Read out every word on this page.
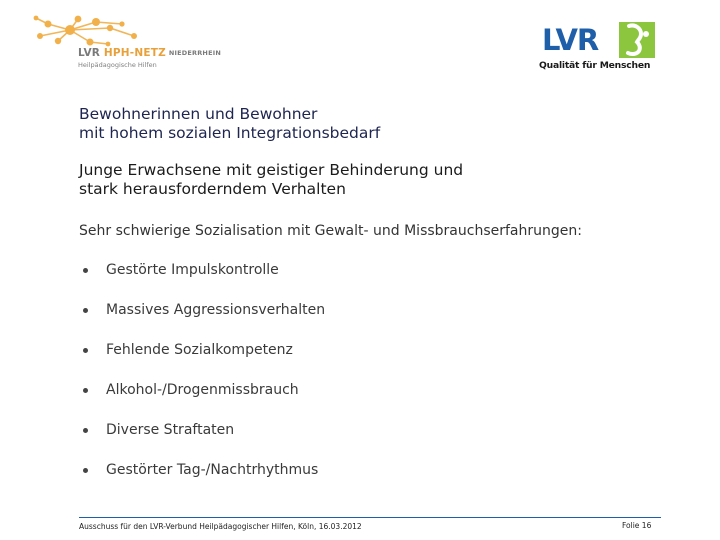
LVR HPH-NETZ NIEDERRHEIN
Heilpädagogische Hilfen
LVR
Qualität für Menschen
Bewohnerinnen und Bewohner
mit hohem sozialen Integrationsbedarf
Junge Erwachsene mit geistiger Behinderung und
stark herausforderndem Verhalten
Sehr schwierige Sozialisation mit Gewalt- und Missbrauchserfahrungen:
Gestörte Impulskontrolle
Massives Aggressionsverhalten
Fehlende Sozialkompetenz
Alkohol-/Drogenmissbrauch
Diverse Straftaten
Gestörter Tag-/Nachtrhythmus
Ausschuss für den LVR-Verbund Heilpädagogischer Hilfen, Köln, 16.03.2012	Folie 16
